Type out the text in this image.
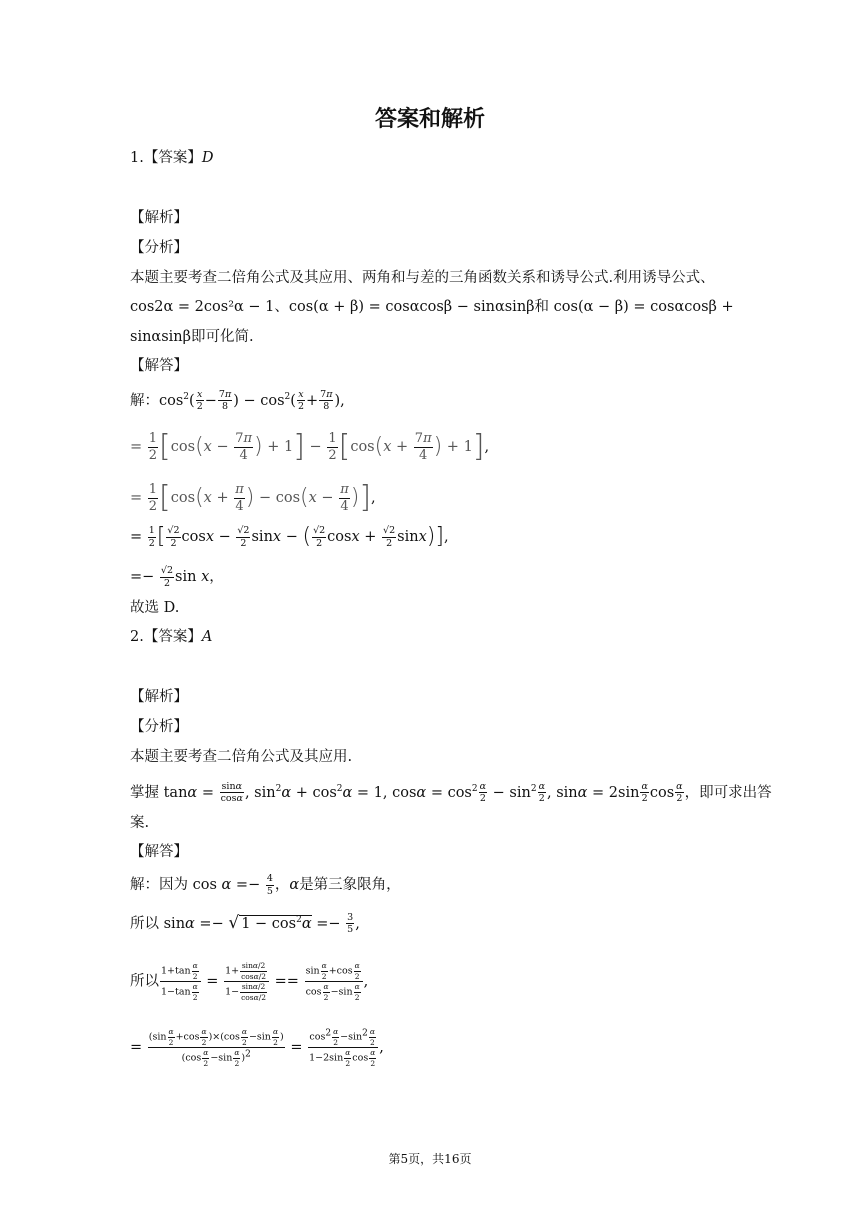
答案和解析
1.【答案】D
【解析】
【分析】
本题主要考查二倍角公式及其应用、两角和与差的三角函数关系和诱导公式.利用诱导公式、
cos2α = 2cos²α − 1、cos(α + β) = cosαcosβ − sinαsinβ和 cos(α − β) = cosαcosβ +
sinαsinβ即可化简.
【解答】
解：$\cos^2( \frac{x}{2} - \frac{7\pi}{8}$ ) − $\cos^2( \frac{x}{2} + \frac{7\pi}{8}$ ),
= $\frac{1}{2} [\cos(x - \frac{7\pi}{4}$ ) + $1] - \frac{1}{2} [\cos(x + \frac{7\pi}{4}$ ) + 1],
= $\frac{1}{2} [\cos(x + \frac{\pi}{4}$ ) − $\cos(x - \frac{\pi}{4}$ )],
= $\frac{1}{2}$ [ $\frac{√2}{2}$ $\cos x - \frac{√2}{2}$ sinx − ( $\frac{√2}{2}$ $\cos x + \frac{√2}{2} \sin x$)],
=− $\frac{√2}{2}$ sin x，
故选 D.
2.【答案】A
【解析】
【分析】
本题主要考查二倍角公式及其应用.
掌握 $\tan\alpha = \frac{\sin\alpha}{\cos\alpha}$ , $\sin^2\alpha + \cos^2\alpha = 1$, $\cos\alpha = \cos^2 \frac{\alpha}{2} - \sin^2 \frac{\alpha}{2}$ , $\sin\alpha = 2\sin \frac{\alpha}{2}$ $\cos \frac{\alpha}{2}$ ，即可求出答
案.
【解答】
解：因为 $\cos \alpha =- \frac{4}{5}$ ，α是第三象限角，
所以 sinα =− √ $1 - \cos^2\alpha =- \frac{3}{5}$ ,
所以 $\frac{1+\tan \frac{\alpha}{2}}{1-\tan \frac{\alpha}{2}} = \frac{1+ \frac{\sin\alpha/2}{\cos\alpha/2}}{1- \frac{\sin\alpha/2}{\cos\alpha/2}} == \frac{\sin \frac{\alpha}{2} +\cos \frac{\alpha}{2}}{\cos \frac{\alpha}{2} -\sin \frac{\alpha}{2}}$ ,
= $\frac{(\sin \frac{\alpha}{2} +\cos \frac{\alpha}{2} )\times(\cos \frac{\alpha}{2} -\sin \frac{\alpha}{2} )}{(\cos \frac{\alpha}{2} -\sin \frac{\alpha}{2} )^2} = \frac{\cos^2 \frac{\alpha}{2} -\sin^2 \frac{\alpha}{2}}{1-2\sin \frac{\alpha}{2} \cos \frac{\alpha}{2}}$ ,
第5页，共16页
